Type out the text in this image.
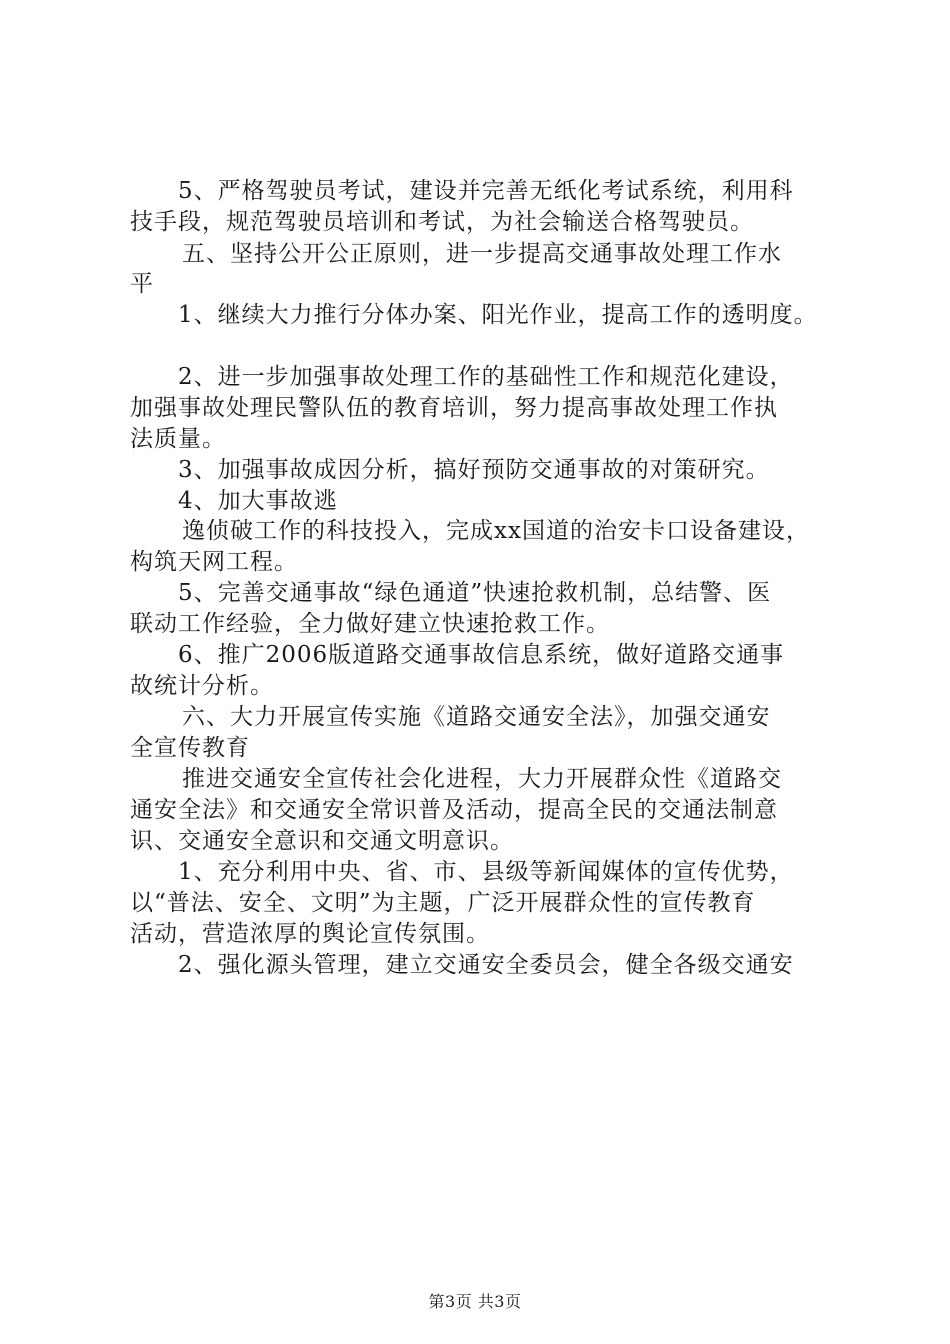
5、严格驾驶员考试，建设并完善无纸化考试系统，利用科
技手段，规范驾驶员培训和考试，为社会输送合格驾驶员。
五、坚持公开公正原则，进一步提高交通事故处理工作水
平
1、继续大力推行分体办案、阳光作业，提高工作的透明度。
2、进一步加强事故处理工作的基础性工作和规范化建设，
加强事故处理民警队伍的教育培训，努力提高事故处理工作执
法质量。
3、加强事故成因分析，搞好预防交通事故的对策研究。
4、加大事故逃
逸侦破工作的科技投入，完成xx国道的治安卡口设备建设，
构筑天网工程。
5、完善交通事故“绿色通道”快速抢救机制，总结警、医
联动工作经验，全力做好建立快速抢救工作。
6、推广2006版道路交通事故信息系统，做好道路交通事
故统计分析。
六、大力开展宣传实施《道路交通安全法》，加强交通安
全宣传教育
推进交通安全宣传社会化进程，大力开展群众性《道路交
通安全法》和交通安全常识普及活动，提高全民的交通法制意
识、交通安全意识和交通文明意识。
1、充分利用中央、省、市、县级等新闻媒体的宣传优势，
以“普法、安全、文明”为主题，广泛开展群众性的宣传教育
活动，营造浓厚的舆论宣传氛围。
2、强化源头管理，建立交通安全委员会，健全各级交通安
第3页 共3页
